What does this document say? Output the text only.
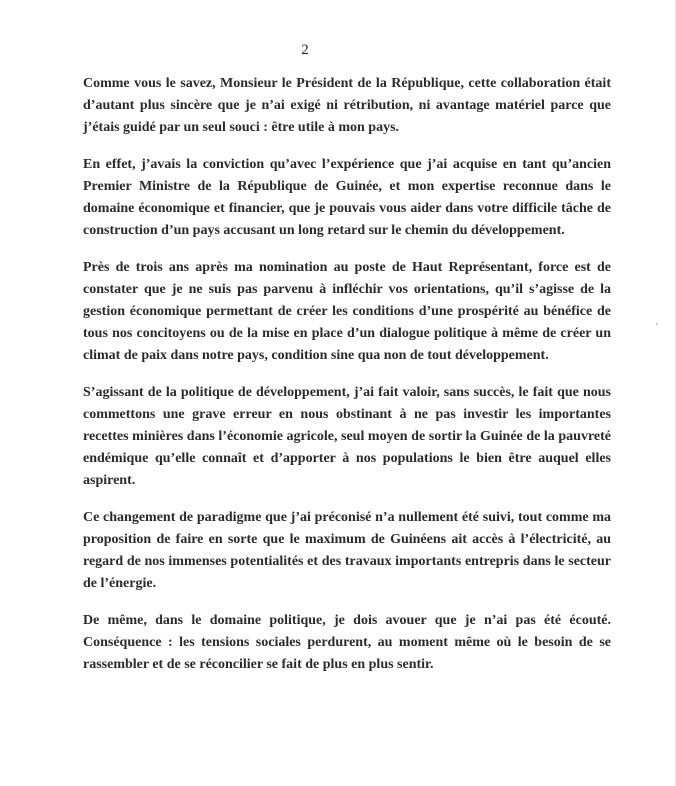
2

Comme vous le savez, Monsieur le Président de la République, cette collaboration était d’autant plus sincère que je n’ai exigé ni rétribution, ni avantage matériel parce que j’étais guidé par un seul souci : être utile à mon pays.

En effet, j’avais la conviction qu’avec l’expérience que j’ai acquise en tant qu’ancien Premier Ministre de la République de Guinée, et mon expertise reconnue dans le domaine économique et financier, que je pouvais vous aider dans votre difficile tâche de construction d’un pays accusant un long retard sur le chemin du développement.

Près de trois ans après ma nomination au poste de Haut Représentant, force est de constater que je ne suis pas parvenu à infléchir vos orientations, qu’il s’agisse de la gestion économique permettant de créer les conditions d’une prospérité au bénéfice de tous nos concitoyens ou de la mise en place d’un dialogue politique à même de créer un climat de paix dans notre pays, condition sine qua non de tout développement.

S’agissant de la politique de développement, j’ai fait valoir, sans succès, le fait que nous commettons une grave erreur en nous obstinant à ne pas investir les importantes recettes minières dans l’économie agricole, seul moyen de sortir la Guinée de la pauvreté endémique qu’elle connaît et d’apporter à nos populations le bien être auquel elles aspirent.

Ce changement de paradigme que j’ai préconisé n’a nullement été suivi, tout comme ma proposition de faire en sorte que le maximum de Guinéens ait accès à l’électricité, au regard de nos immenses potentialités et des travaux importants entrepris dans le secteur de l’énergie.

De même, dans le domaine politique, je dois avouer que je n’ai pas été écouté. Conséquence : les tensions sociales perdurent, au moment même où le besoin de se rassembler et de se réconcilier se fait de plus en plus sentir.
